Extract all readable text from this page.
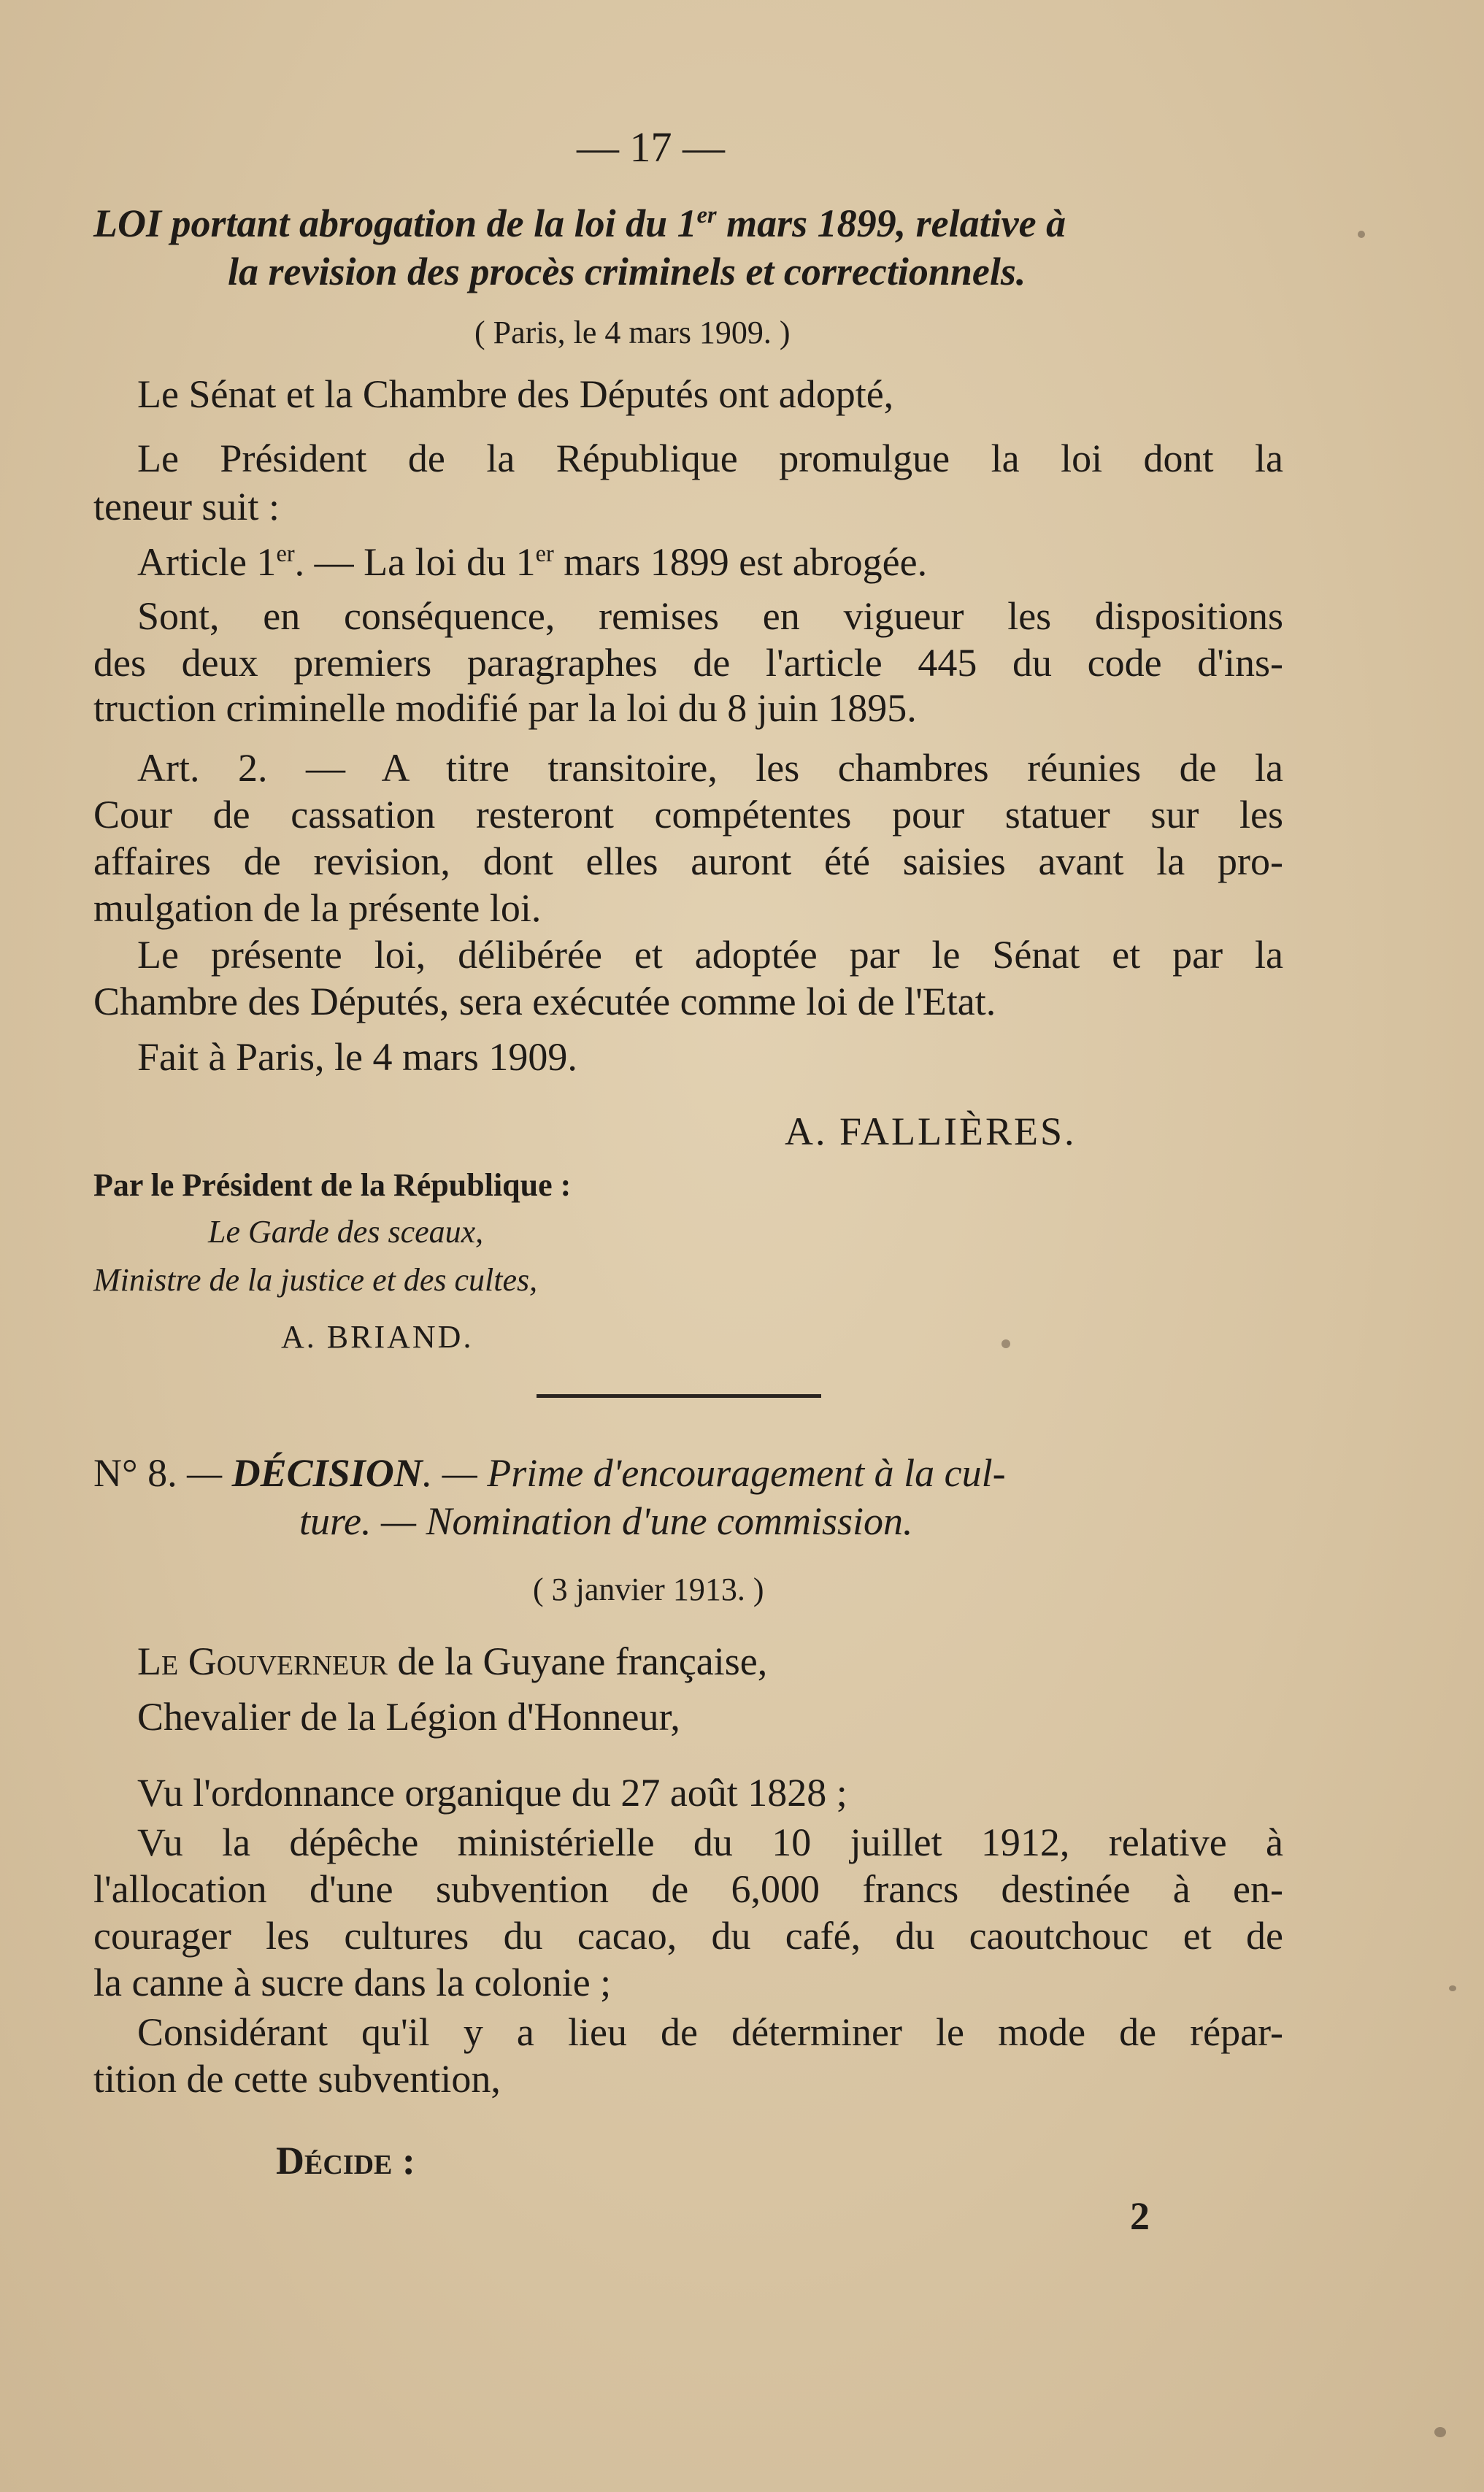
— 17 —
LOI portant abrogation de la loi du 1er mars 1899, relative à
la revision des procès criminels et correctionnels.
( Paris, le 4 mars 1909. )
Le Sénat et la Chambre des Députés ont adopté,
Le Président de la République promulgue la loi dont la
teneur suit :
Article 1er. — La loi du 1er mars 1899 est abrogée.
Sont, en conséquence, remises en vigueur les dispositions
des deux premiers paragraphes de l'article 445 du code d'ins-
truction criminelle modifié par la loi du 8 juin 1895.
Art. 2. — A titre transitoire, les chambres réunies de la
Cour de cassation resteront compétentes pour statuer sur les
affaires de revision, dont elles auront été saisies avant la pro-
mulgation de la présente loi.
Le présente loi, délibérée et adoptée par le Sénat et par la
Chambre des Députés, sera exécutée comme loi de l'Etat.
Fait à Paris, le 4 mars 1909.
A. FALLIÈRES.
Par le Président de la République :
Le Garde des sceaux,
Ministre de la justice et des cultes,
A. BRIAND.
N° 8. — DÉCISION. — Prime d'encouragement à la cul-
ture. — Nomination d'une commission.
( 3 janvier 1913. )
Le Gouverneur de la Guyane française,
Chevalier de la Légion d'Honneur,
Vu l'ordonnance organique du 27 août 1828 ;
Vu la dépêche ministérielle du 10 juillet 1912, relative à
l'allocation d'une subvention de 6,000 francs destinée à en-
courager les cultures du cacao, du café, du caoutchouc et de
la canne à sucre dans la colonie ;
Considérant qu'il y a lieu de déterminer le mode de répar-
tition de cette subvention,
Décide :
2
